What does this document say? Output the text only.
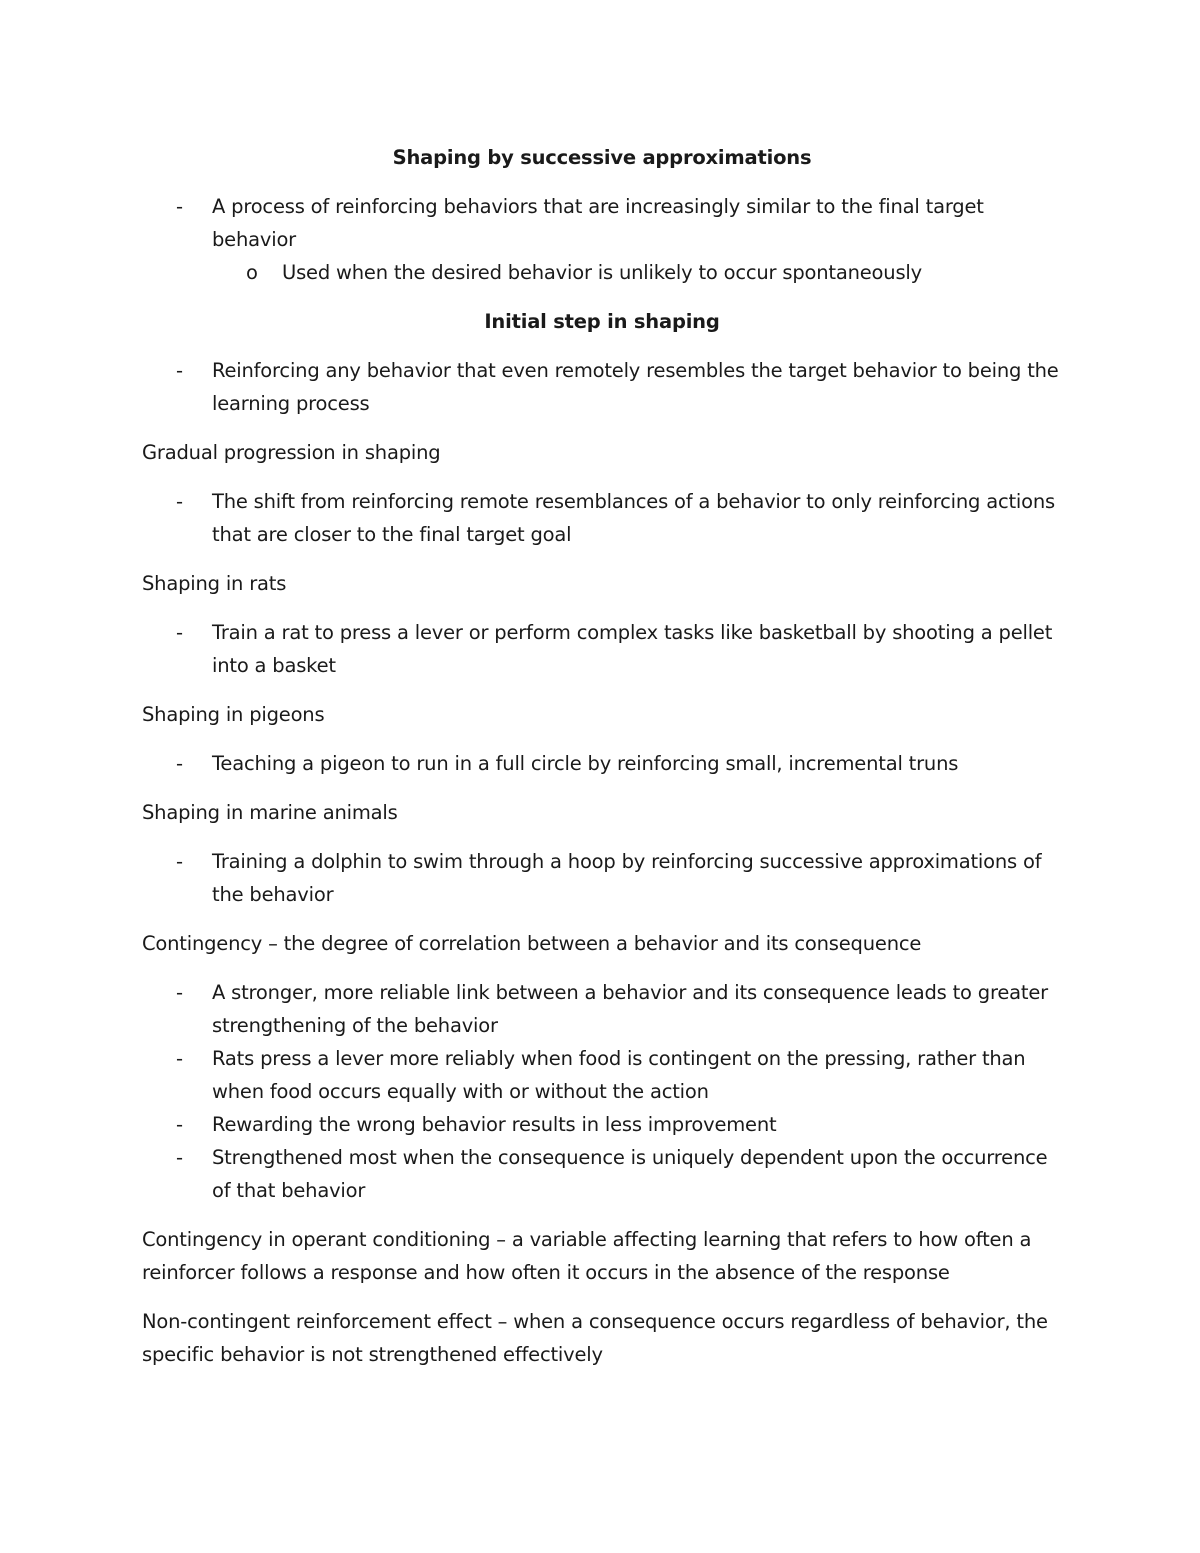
Shaping by successive approximations

- A process of reinforcing behaviors that are increasingly similar to the final target behavior
o Used when the desired behavior is unlikely to occur spontaneously

Initial step in shaping

- Reinforcing any behavior that even remotely resembles the target behavior to being the learning process

Gradual progression in shaping

- The shift from reinforcing remote resemblances of a behavior to only reinforcing actions that are closer to the final target goal

Shaping in rats

- Train a rat to press a lever or perform complex tasks like basketball by shooting a pellet into a basket

Shaping in pigeons

- Teaching a pigeon to run in a full circle by reinforcing small, incremental truns

Shaping in marine animals

- Training a dolphin to swim through a hoop by reinforcing successive approximations of the behavior

Contingency – the degree of correlation between a behavior and its consequence

- A stronger, more reliable link between a behavior and its consequence leads to greater strengthening of the behavior
- Rats press a lever more reliably when food is contingent on the pressing, rather than when food occurs equally with or without the action
- Rewarding the wrong behavior results in less improvement
- Strengthened most when the consequence is uniquely dependent upon the occurrence of that behavior

Contingency in operant conditioning – a variable affecting learning that refers to how often a reinforcer follows a response and how often it occurs in the absence of the response

Non-contingent reinforcement effect – when a consequence occurs regardless of behavior, the specific behavior is not strengthened effectively
